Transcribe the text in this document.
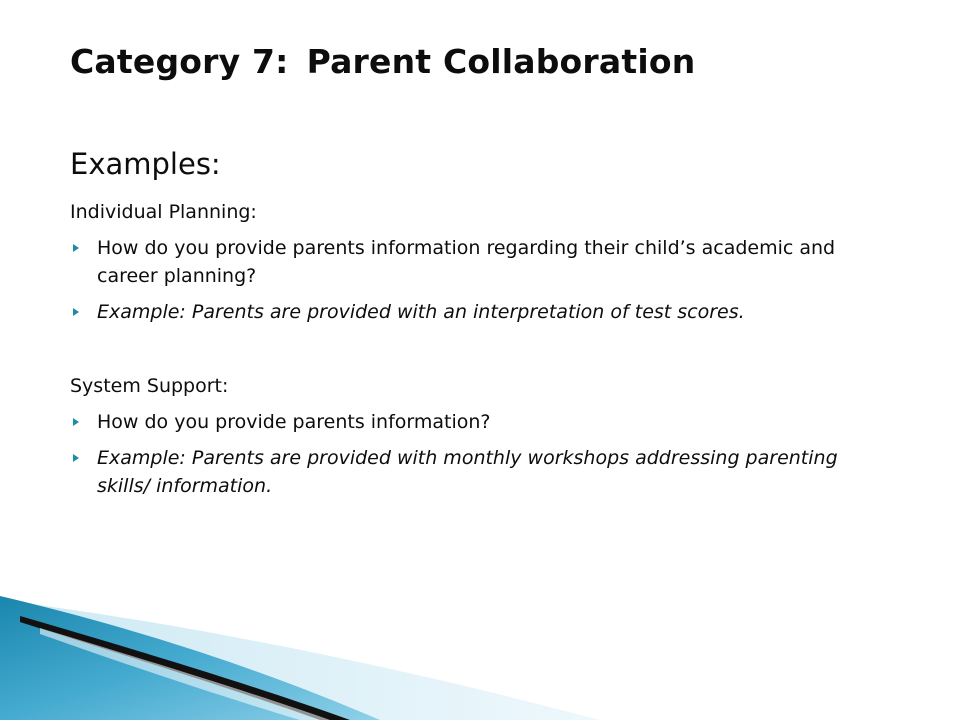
Category 7: Parent Collaboration
Examples:
Individual Planning:
How do you provide parents information regarding their child’s academic and career planning?
Example: Parents are provided with an interpretation of test scores.
System Support:
How do you provide parents information?
Example: Parents are provided with monthly workshops addressing parenting skills/ information.
